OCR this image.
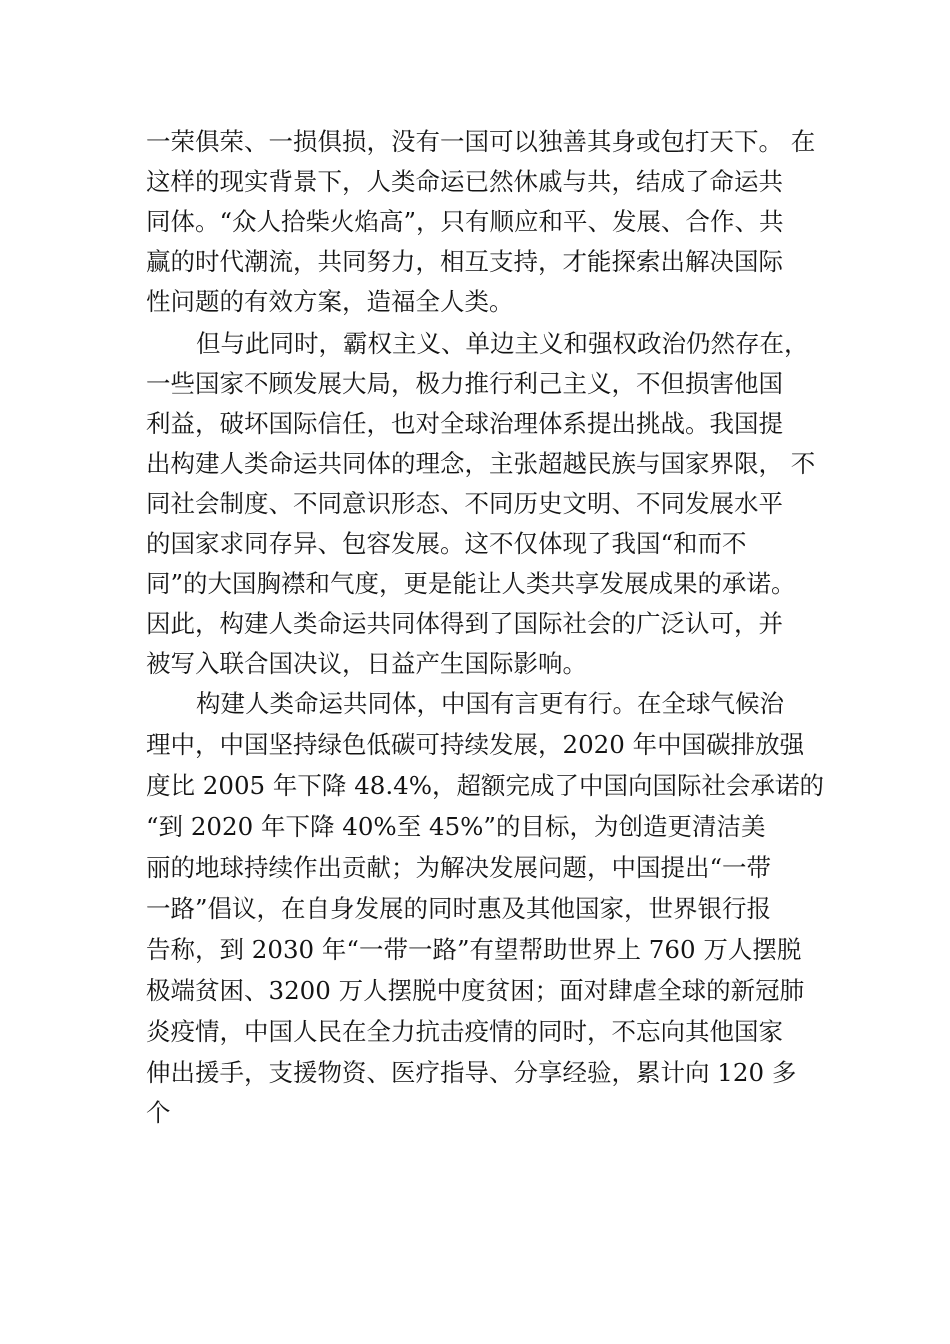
一荣俱荣、一损俱损，没有一国可以独善其身或包打天下。 在
这样的现实背景下，人类命运已然休戚与共，结成了命运共
同体。“众人拾柴火焰高”，只有顺应和平、发展、合作、共
赢的时代潮流，共同努力，相互支持，才能探索出解决国际
性问题的有效方案，造福全人类。
但与此同时，霸权主义、单边主义和强权政治仍然存在，
一些国家不顾发展大局，极力推行利己主义，不但损害他国
利益，破坏国际信任，也对全球治理体系提出挑战。我国提
出构建人类命运共同体的理念，主张超越民族与国家界限， 不
同社会制度、不同意识形态、不同历史文明、不同发展水平
的国家求同存异、包容发展。这不仅体现了我国“和而不
同”的大国胸襟和气度，更是能让人类共享发展成果的承诺。
因此，构建人类命运共同体得到了国际社会的广泛认可，并
被写入联合国决议，日益产生国际影响。
构建人类命运共同体，中国有言更有行。在全球气候治
理中，中国坚持绿色低碳可持续发展，2020 年中国碳排放强
度比 2005 年下降 48.4%，超额完成了中国向国际社会承诺的
“到 2020 年下降 40%至 45%”的目标，为创造更清洁美
丽的地球持续作出贡献；为解决发展问题，中国提出“一带
一路”倡议，在自身发展的同时惠及其他国家，世界银行报
告称，到 2030 年“一带一路”有望帮助世界上 760 万人摆脱
极端贫困、3200 万人摆脱中度贫困；面对肆虐全球的新冠肺
炎疫情，中国人民在全力抗击疫情的同时，不忘向其他国家
伸出援手，支援物资、医疗指导、分享经验，累计向 120 多
个
